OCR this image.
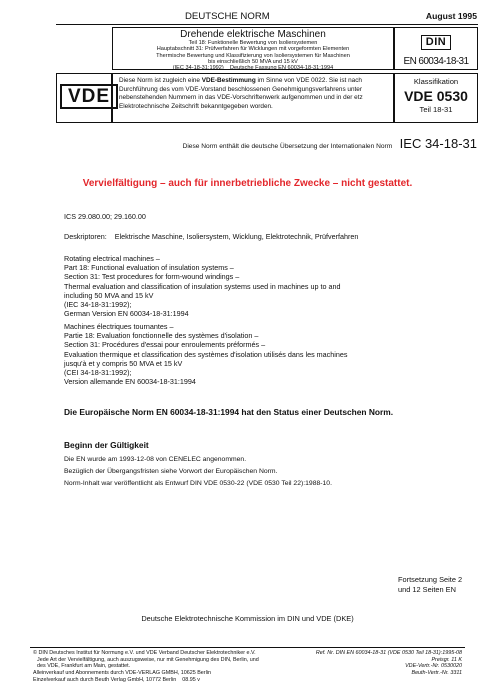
DEUTSCHE NORM	August 1995
Drehende elektrische Maschinen
Teil 18: Funktionelle Bewertung von Isoliersystemen
Hauptabschnitt 31: Prüfverfahren für Wicklungen mit vorgeformten Elementen
Thermische Bewertung und Klassifizierung von Isoliersystemen für Maschinen
bis einschließlich 50 MVA und 15 kV
(IEC 34-18-31:1992)    Deutsche Fassung EN 60034-18-31:1994
DIN
EN 60034-18-31
VDE
Diese Norm ist zugleich eine VDE-Bestimmung im Sinne von VDE 0022. Sie ist nach Durchführung des vom VDE-Vorstand beschlossenen Genehmigungsverfahrens unter nebenstehenden Nummern in das VDE-Vorschriftenwerk aufgenommen und in der etz Elektrotechnische Zeitschrift bekanntgegeben worden.
Klassifikation
VDE 0530
Teil 18-31
Diese Norm enthält die deutsche Übersetzung der Internationalen Norm IEC 34-18-31
Vervielfältigung – auch für innerbetriebliche Zwecke – nicht gestattet.
ICS 29.080.00; 29.160.00
Deskriptoren: Elektrische Maschine, Isoliersystem, Wicklung, Elektrotechnik, Prüfverfahren
Rotating electrical machines –
Part 18: Functional evaluation of insulation systems –
Section 31: Test procedures for form-wound windings –
Thermal evaluation and classification of insulation systems used in machines up to and
including 50 MVA and 15 kV
(IEC 34-18-31:1992);
German Version EN 60034-18-31:1994
Machines électriques tournantes –
Partie 18: Evaluation fonctionnelle des systèmes d'isolation –
Section 31: Procédures d'essai pour enroulements préformés –
Evaluation thermique et classification des systèmes d'isolation utilisés dans les machines
jusqu'à et y compris 50 MVA et 15 kV
(CEI 34-18-31:1992);
Version allemande EN 60034-18-31:1994
Die Europäische Norm EN 60034-18-31:1994 hat den Status einer Deutschen Norm.
Beginn der Gültigkeit
Die EN wurde am 1993-12-08 von CENELEC angenommen.
Bezüglich der Übergangsfristen siehe Vorwort der Europäischen Norm.
Norm-Inhalt war veröffentlicht als Entwurf DIN VDE 0530-22 (VDE 0530 Teil 22):1988-10.
Fortsetzung Seite 2
und 12 Seiten EN
Deutsche Elektrotechnische Kommission im DIN und VDE (DKE)
© DIN Deutsches Institut für Normung e.V. und VDE Verband Deutscher Elektrotechniker e.V.
Jede Art der Vervielfältigung, auch auszugsweise, nur mit Genehmigung des DIN, Berlin, und
des VDE, Frankfurt am Main, gestattet.
Alleinverkauf und Abonnements durch VDE-VERLAG GMBH, 10625 Berlin
Einzelverkauf auch durch Beuth Verlag GmbH, 10772 Berlin    08.95 v
Ref. Nr. DIN EN 60034-18-31 (VDE 0530 Teil 18-31):1995-08
Preisgr. 11 K
VDE-Vertr.-Nr. 0530020
Beuth-Vertr.-Nr. 3311
